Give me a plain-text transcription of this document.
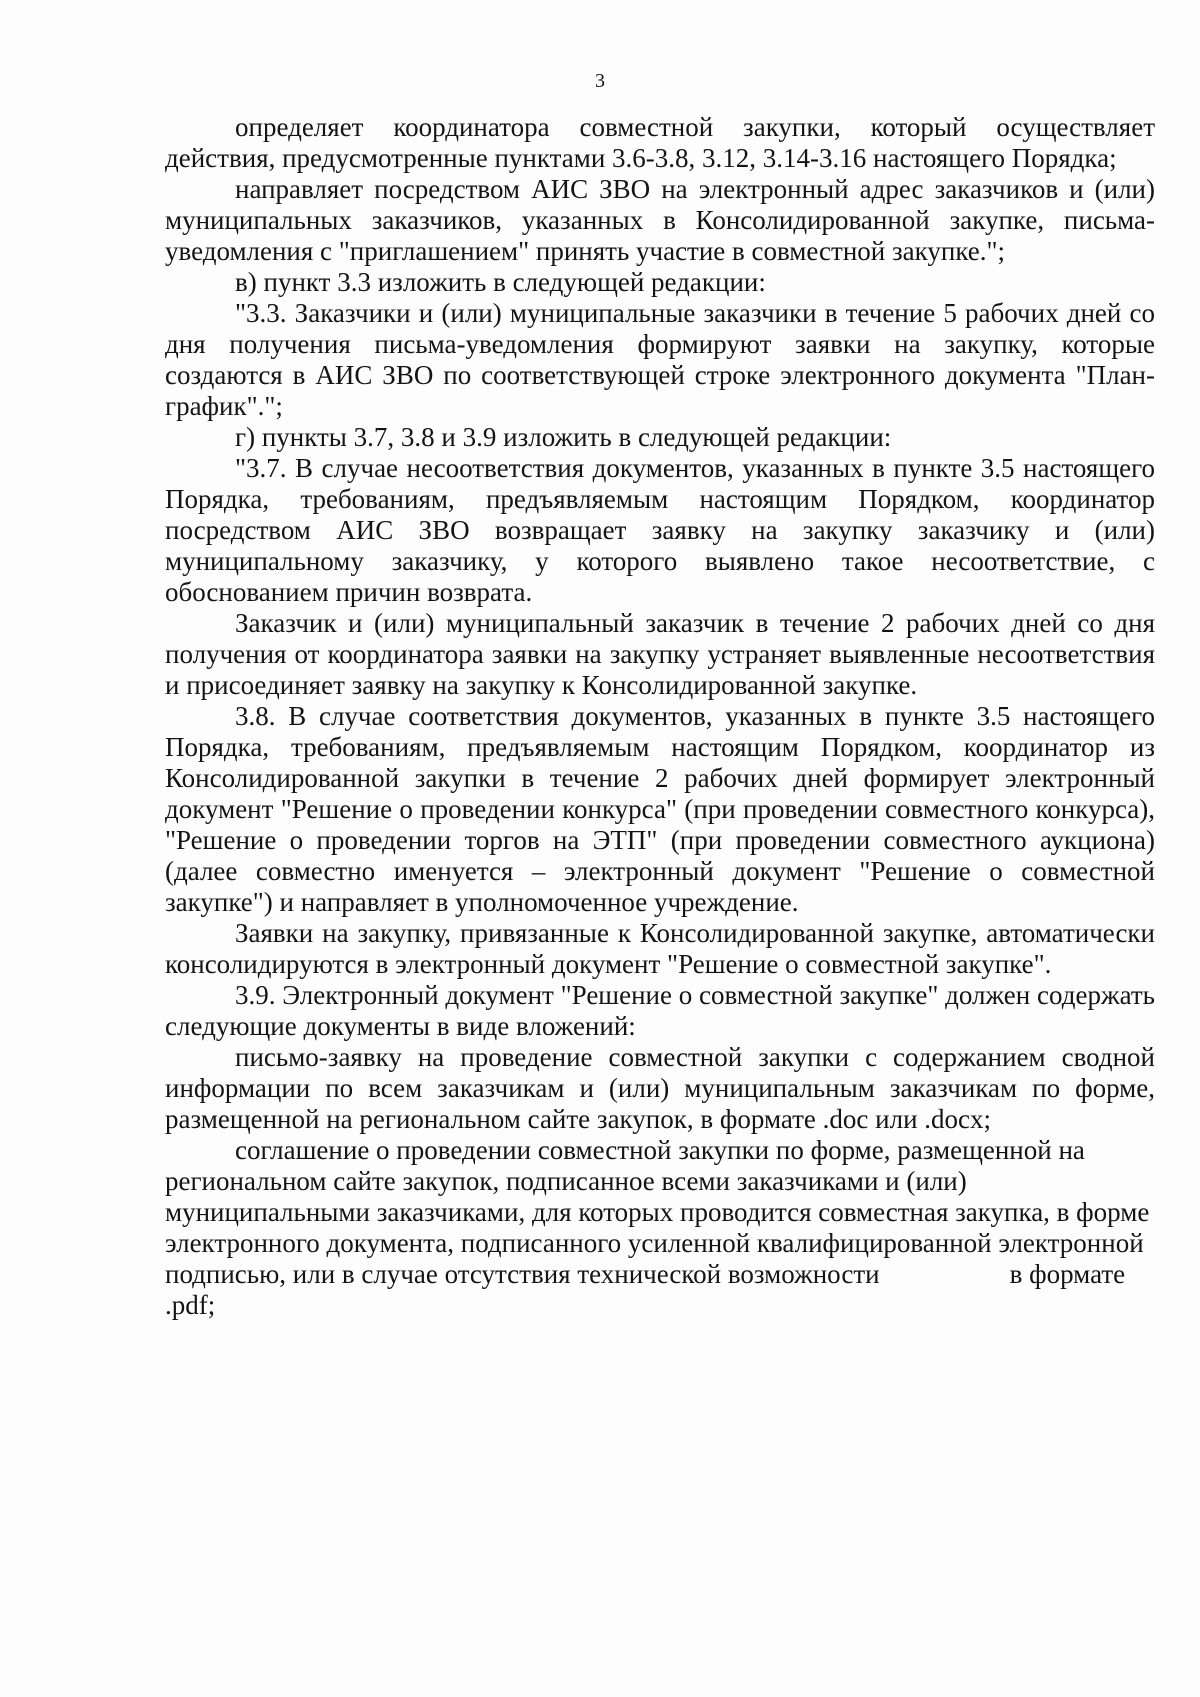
3

определяет координатора совместной закупки, который осуществляет действия, предусмотренные пунктами 3.6-3.8, 3.12, 3.14-3.16 настоящего Порядка;

направляет посредством АИС ЗВО на электронный адрес заказчиков и (или) муниципальных заказчиков, указанных в Консолидированной закупке, письма-уведомления с "приглашением" принять участие в совместной закупке.";

в) пункт 3.3 изложить в следующей редакции:

"3.3. Заказчики и (или) муниципальные заказчики в течение 5 рабочих дней со дня получения письма-уведомления формируют заявки на закупку, которые создаются в АИС ЗВО по соответствующей строке электронного документа "План-график".";

г) пункты 3.7, 3.8 и 3.9 изложить в следующей редакции:

"3.7. В случае несоответствия документов, указанных в пункте 3.5 настоящего Порядка, требованиям, предъявляемым настоящим Порядком, координатор посредством АИС ЗВО возвращает заявку на закупку заказчику и (или) муниципальному заказчику, у которого выявлено такое несоответствие, с обоснованием причин возврата.

Заказчик и (или) муниципальный заказчик в течение 2 рабочих дней со дня получения от координатора заявки на закупку устраняет выявленные несоответствия и присоединяет заявку на закупку к Консолидированной закупке.

3.8. В случае соответствия документов, указанных в пункте 3.5 настоящего Порядка, требованиям, предъявляемым настоящим Порядком, координатор из Консолидированной закупки в течение 2 рабочих дней формирует электронный документ "Решение о проведении конкурса" (при проведении совместного конкурса), "Решение о проведении торгов на ЭТП" (при проведении совместного аукциона) (далее совместно именуется – электронный документ "Решение о совместной закупке") и направляет в уполномоченное учреждение.

Заявки на закупку, привязанные к Консолидированной закупке, автоматически консолидируются в электронный документ "Решение о совместной закупке".

3.9. Электронный документ "Решение о совместной закупке" должен содержать следующие документы в виде вложений:

письмо-заявку на проведение совместной закупки с содержанием сводной информации по всем заказчикам и (или) муниципальным заказчикам по форме, размещенной на региональном сайте закупок, в формате .doc или .docx;

соглашение о проведении совместной закупки по форме, размещенной на региональном сайте закупок, подписанное всеми заказчиками и (или) муниципальными заказчиками, для которых проводится совместная закупка, в форме электронного документа, подписанного усиленной квалифицированной электронной подписью, или в случае отсутствия технической возможности	в формате .pdf;
